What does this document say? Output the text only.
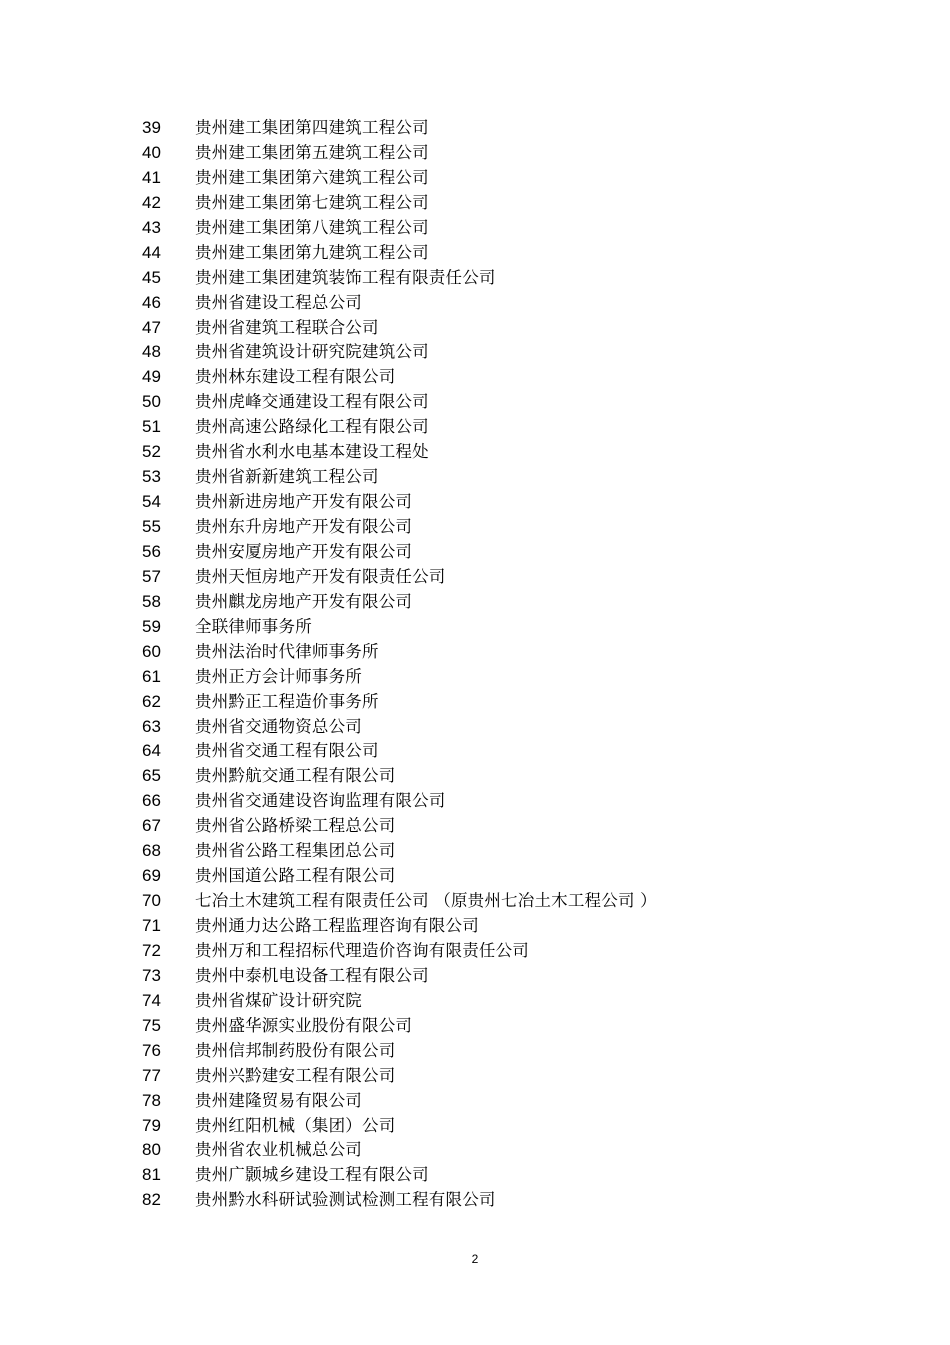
39	贵州建工集团第四建筑工程公司
40	贵州建工集团第五建筑工程公司
41	贵州建工集团第六建筑工程公司
42	贵州建工集团第七建筑工程公司
43	贵州建工集团第八建筑工程公司
44	贵州建工集团第九建筑工程公司
45	贵州建工集团建筑装饰工程有限责任公司
46	贵州省建设工程总公司
47	贵州省建筑工程联合公司
48	贵州省建筑设计研究院建筑公司
49	贵州林东建设工程有限公司
50	贵州虎峰交通建设工程有限公司
51	贵州高速公路绿化工程有限公司
52	贵州省水利水电基本建设工程处
53	贵州省新新建筑工程公司
54	贵州新进房地产开发有限公司
55	贵州东升房地产开发有限公司
56	贵州安厦房地产开发有限公司
57	贵州天恒房地产开发有限责任公司
58	贵州麒龙房地产开发有限公司
59	全联律师事务所
60	贵州法治时代律师事务所
61	贵州正方会计师事务所
62	贵州黔正工程造价事务所
63	贵州省交通物资总公司
64	贵州省交通工程有限公司
65	贵州黔航交通工程有限公司
66	贵州省交通建设咨询监理有限公司
67	贵州省公路桥梁工程总公司
68	贵州省公路工程集团总公司
69	贵州国道公路工程有限公司
70	七冶土木建筑工程有限责任公司 （原贵州七冶土木工程公司 ）
71	贵州通力达公路工程监理咨询有限公司
72	贵州万和工程招标代理造价咨询有限责任公司
73	贵州中泰机电设备工程有限公司
74	贵州省煤矿设计研究院
75	贵州盛华源实业股份有限公司
76	贵州信邦制药股份有限公司
77	贵州兴黔建安工程有限公司
78	贵州建隆贸易有限公司
79	贵州红阳机械（集团）公司
80	贵州省农业机械总公司
81	贵州广颢城乡建设工程有限公司
82	贵州黔水科研试验测试检测工程有限公司
2
